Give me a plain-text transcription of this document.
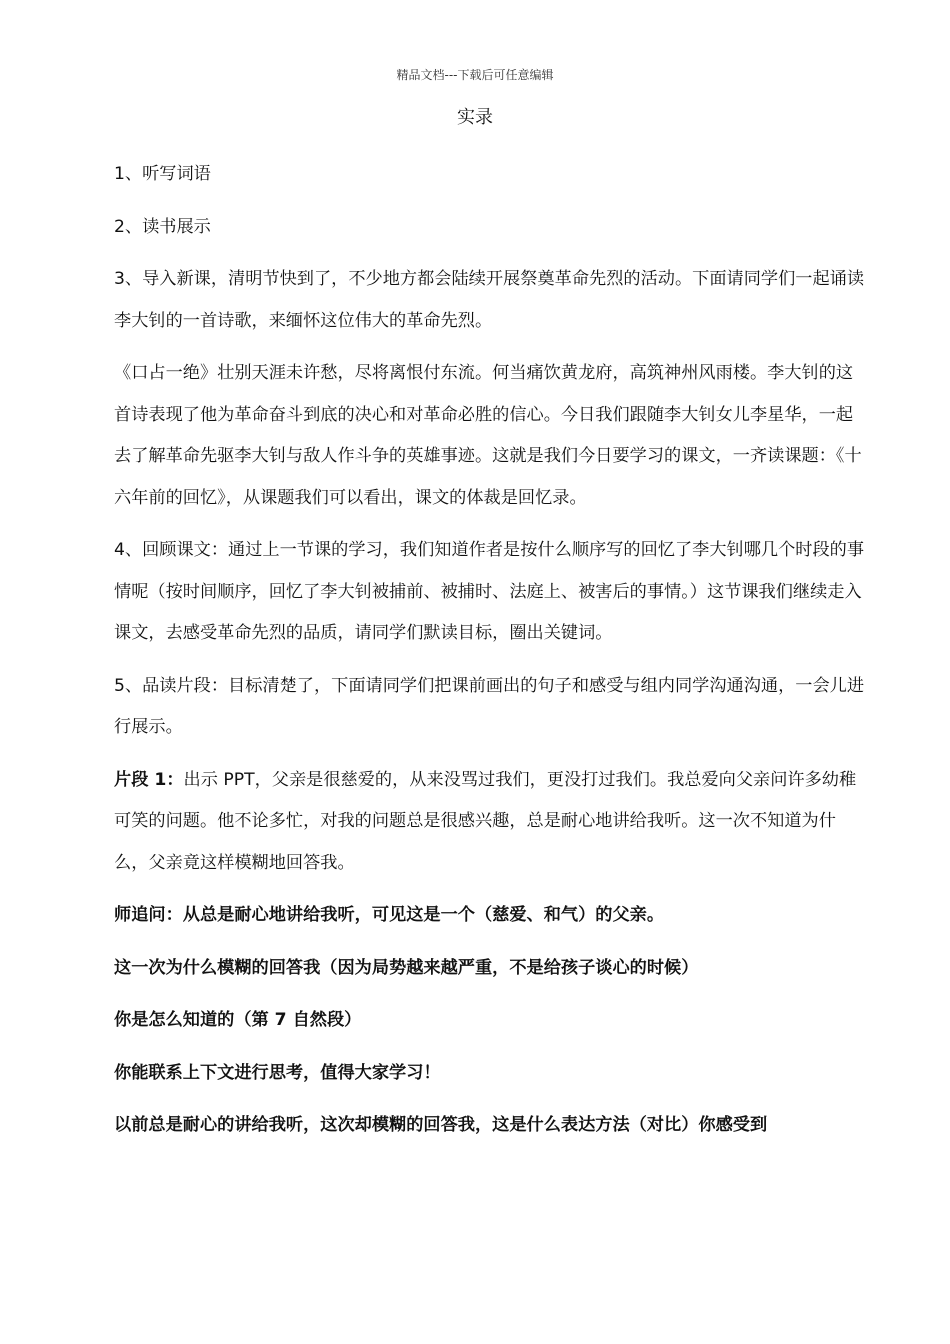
精品文档---下载后可任意编辑
实录

1、听写词语

2、读书展示

3、导入新课，清明节快到了，不少地方都会陆续开展祭奠革命先烈的活动。下面请同学们一起诵读李大钊的一首诗歌，来缅怀这位伟大的革命先烈。

《口占一绝》壮别天涯未许愁，尽将离恨付东流。何当痛饮黄龙府，高筑神州风雨楼。李大钊的这首诗表现了他为革命奋斗到底的决心和对革命必胜的信心。今日我们跟随李大钊女儿李星华，一起去了解革命先驱李大钊与敌人作斗争的英雄事迹。这就是我们今日要学习的课文，一齐读课题：《十六年前的回忆》，从课题我们可以看出，课文的体裁是回忆录。

4、回顾课文：通过上一节课的学习，我们知道作者是按什么顺序写的回忆了李大钊哪几个时段的事情呢（按时间顺序，回忆了李大钊被捕前、被捕时、法庭上、被害后的事情。）这节课我们继续走入课文，去感受革命先烈的品质，请同学们默读目标，圈出关键词。

5、品读片段：目标清楚了，下面请同学们把课前画出的句子和感受与组内同学沟通沟通，一会儿进行展示。

片段 1：出示 PPT，父亲是很慈爱的，从来没骂过我们，更没打过我们。我总爱向父亲问许多幼稚可笑的问题。他不论多忙，对我的问题总是很感兴趣，总是耐心地讲给我听。这一次不知道为什么，父亲竟这样模糊地回答我。

师追问：从总是耐心地讲给我听，可见这是一个（慈爱、和气）的父亲。

这一次为什么模糊的回答我（因为局势越来越严重，不是给孩子谈心的时候）

你是怎么知道的（第 7 自然段）

你能联系上下文进行思考，值得大家学习！

以前总是耐心的讲给我听，这次却模糊的回答我，这是什么表达方法（对比）你感受到
